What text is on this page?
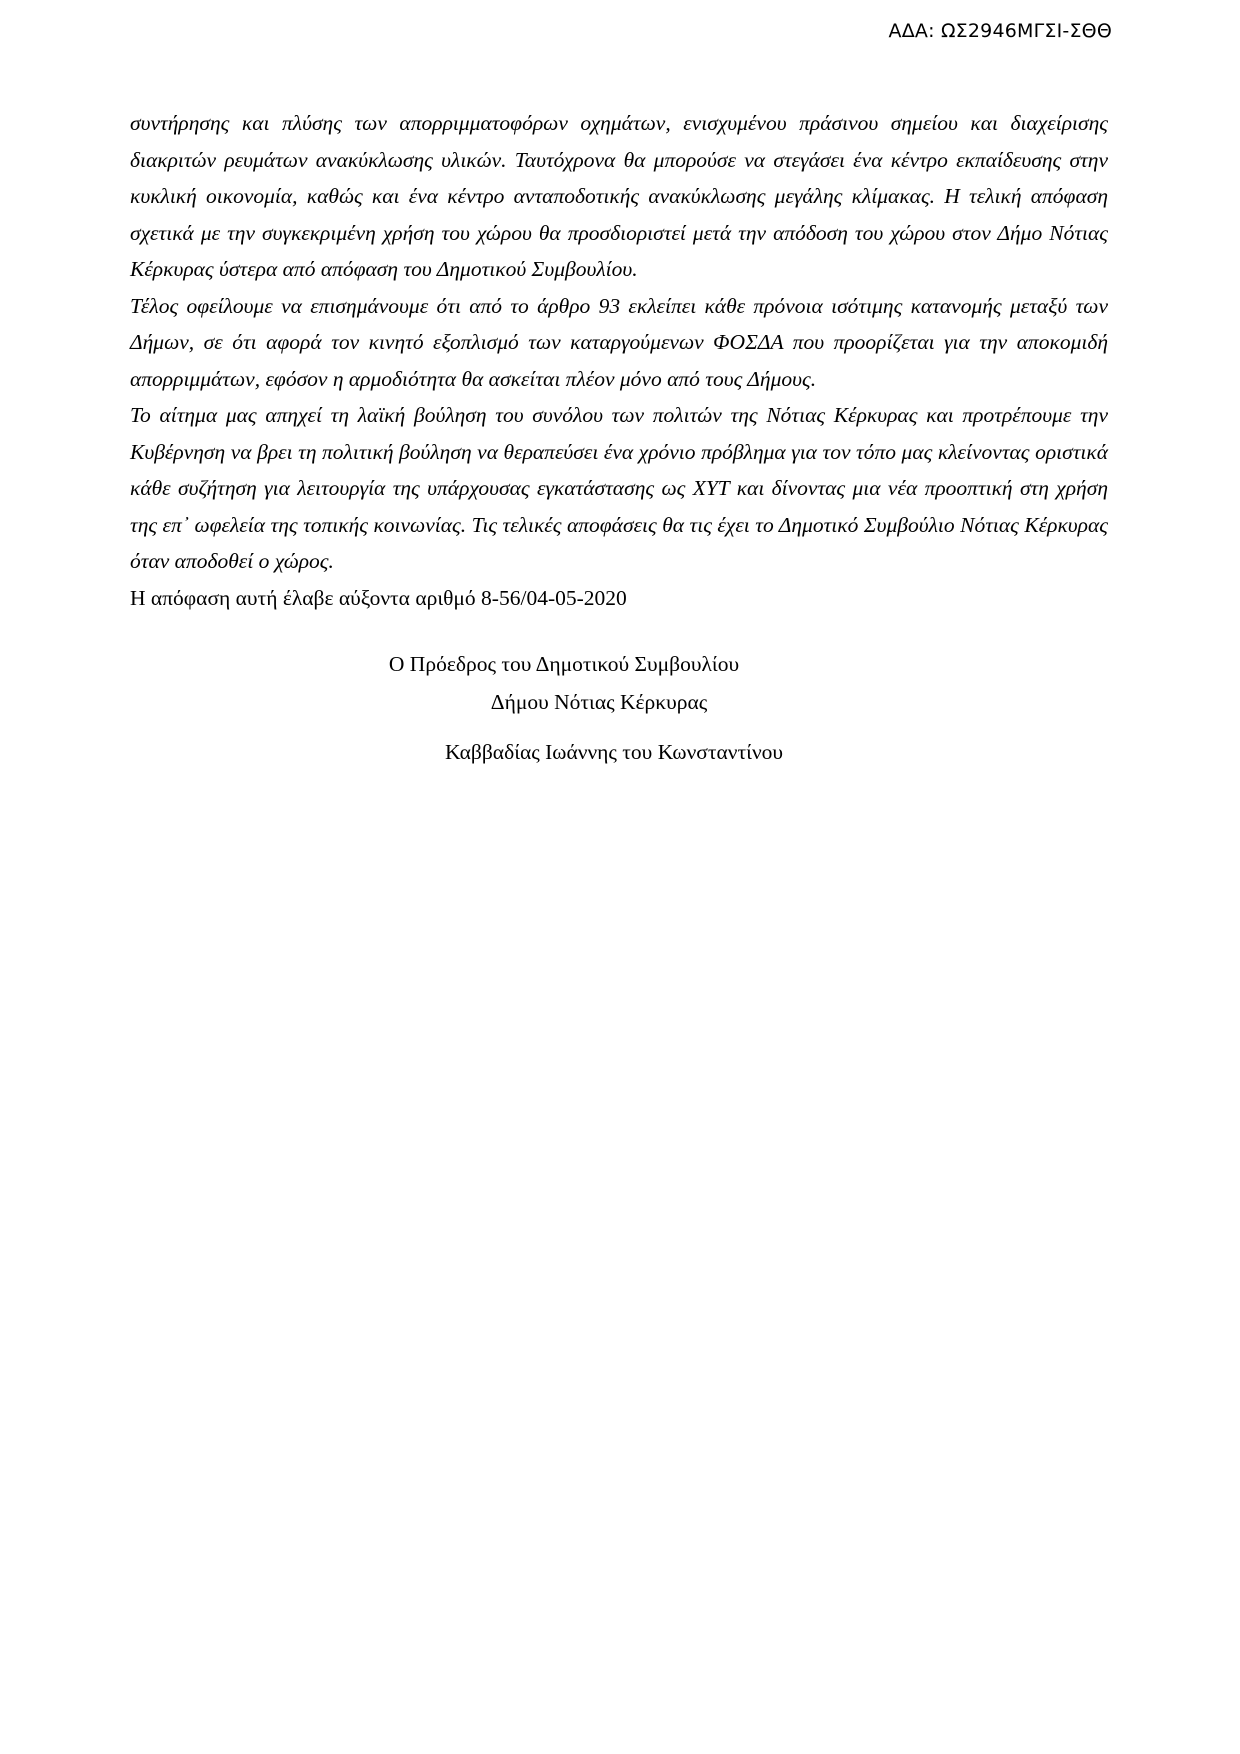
ΑΔΑ: ΩΣ2946ΜΓΣΙ-ΣΘΘ

συντήρησης και πλύσης των απορριμματοφόρων οχημάτων, ενισχυμένου πράσινου σημείου και διαχείρισης διακριτών ρευμάτων ανακύκλωσης υλικών. Ταυτόχρονα θα μπορούσε να στεγάσει ένα κέντρο εκπαίδευσης στην κυκλική οικονομία, καθώς και ένα κέντρο ανταποδοτικής ανακύκλωσης μεγάλης κλίμακας. Η τελική απόφαση σχετικά με την συγκεκριμένη χρήση του χώρου θα προσδιοριστεί μετά την απόδοση του χώρου στον Δήμο Νότιας Κέρκυρας ύστερα από απόφαση του Δημοτικού Συμβουλίου.

Τέλος οφείλουμε να επισημάνουμε ότι από το άρθρο 93 εκλείπει κάθε πρόνοια ισότιμης κατανομής μεταξύ των Δήμων, σε ότι αφορά τον κινητό εξοπλισμό των καταργούμενων ΦΟΣΔΑ που προορίζεται για την αποκομιδή απορριμμάτων, εφόσον η αρμοδιότητα θα ασκείται πλέον μόνο από τους Δήμους.

Το αίτημα μας απηχεί τη λαϊκή βούληση του συνόλου των πολιτών της Νότιας Κέρκυρας και προτρέπουμε την Κυβέρνηση να βρει τη πολιτική βούληση να θεραπεύσει ένα χρόνιο πρόβλημα για τον τόπο μας κλείνοντας οριστικά κάθε συζήτηση για λειτουργία της υπάρχουσας εγκατάστασης ως ΧΥΤ και δίνοντας μια νέα προοπτική στη χρήση της επ᾽ ωφελεία της τοπικής κοινωνίας. Τις τελικές αποφάσεις θα τις έχει το Δημοτικό Συμβούλιο Νότιας Κέρκυρας όταν αποδοθεί ο χώρος.

Η απόφαση αυτή έλαβε αύξοντα αριθμό 8-56/04-05-2020

Ο Πρόεδρος του Δημοτικού Συμβουλίου
Δήμου Νότιας Κέρκυρας
Καββαδίας Ιωάννης του Κωνσταντίνου
